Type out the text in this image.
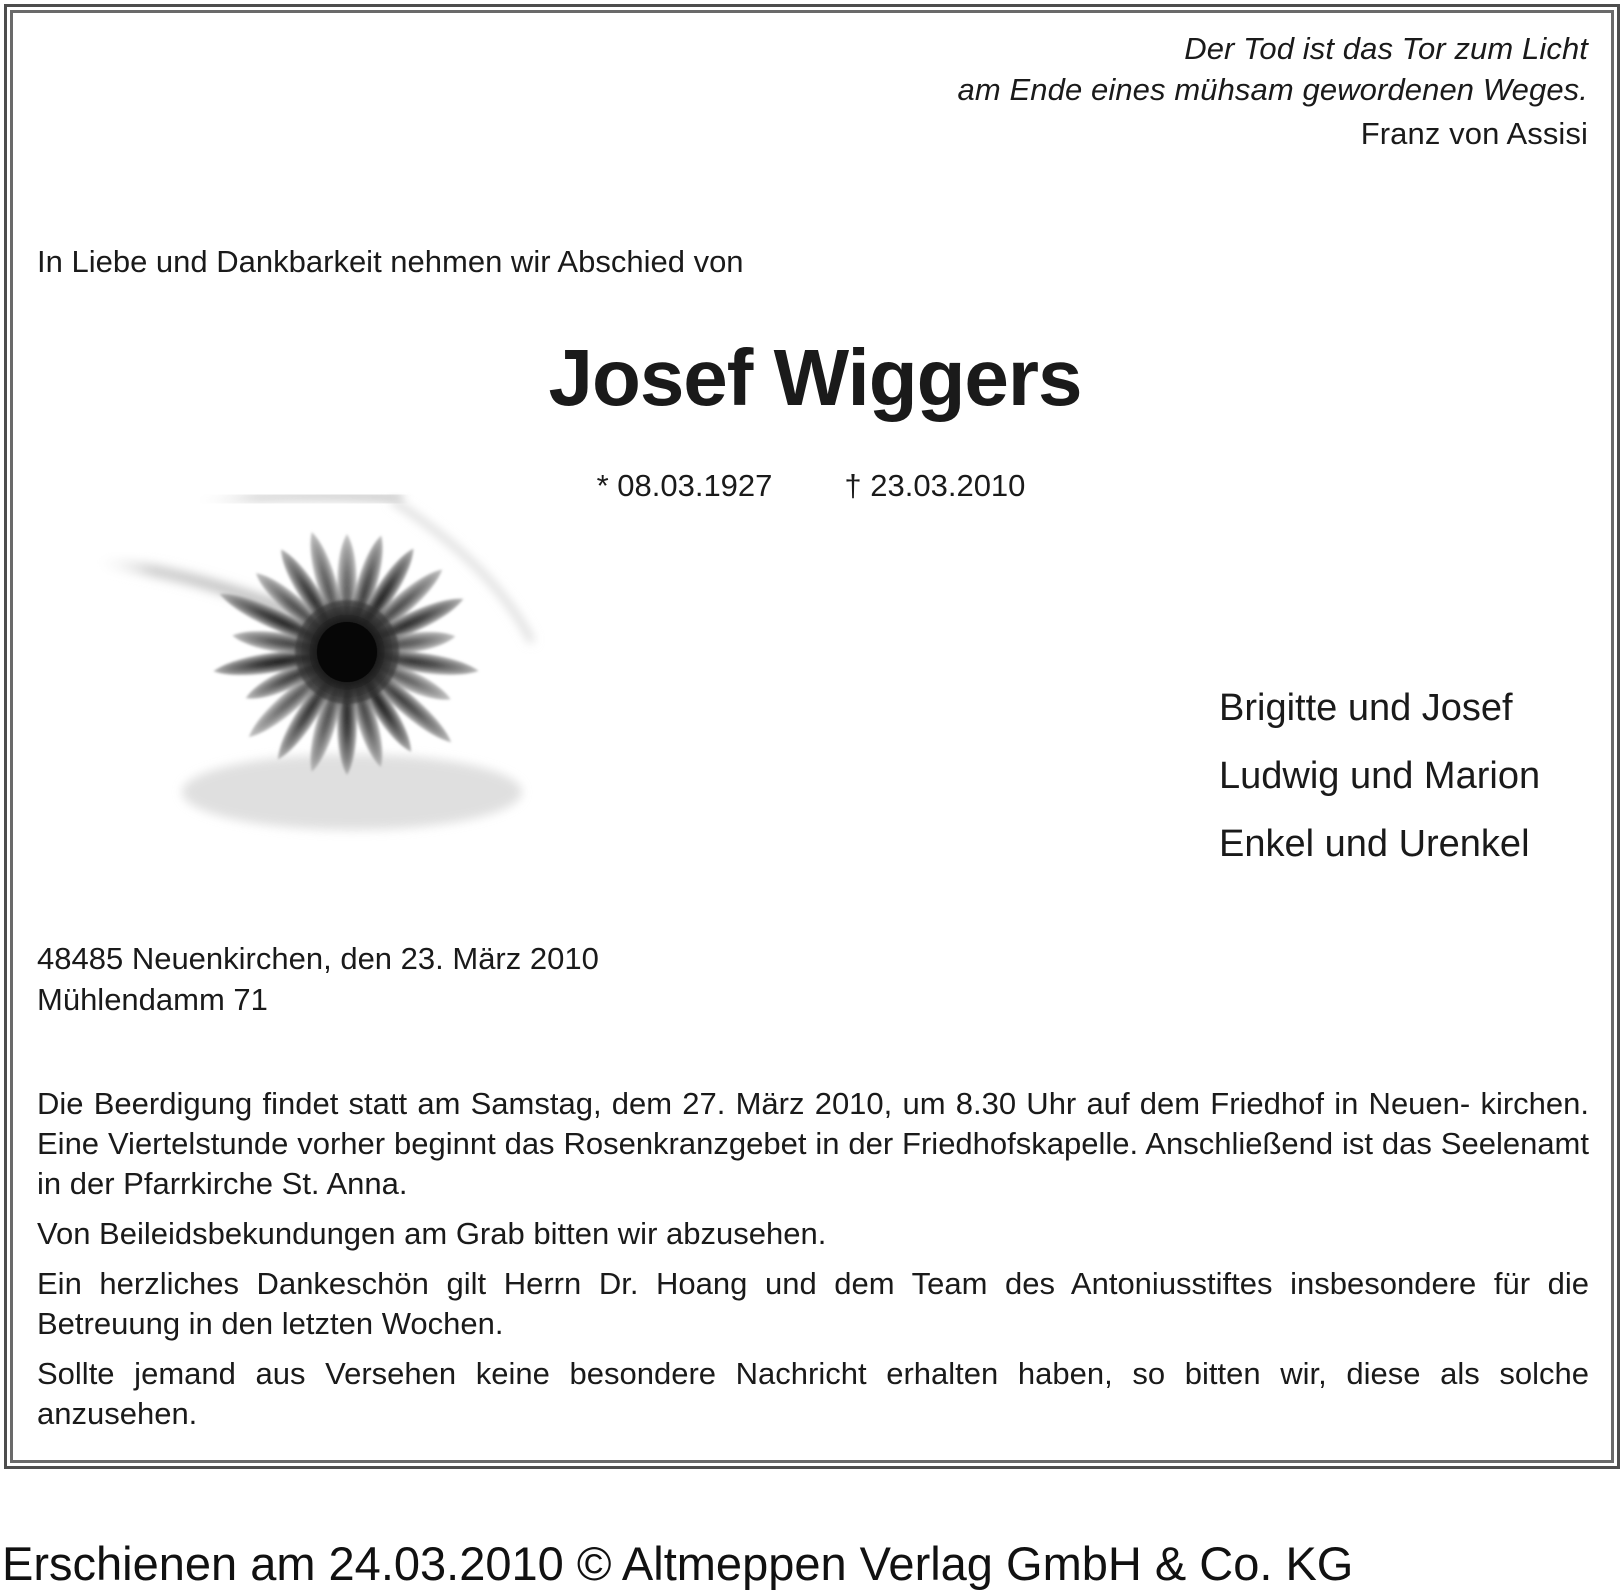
Der Tod ist das Tor zum Licht
am Ende eines mühsam gewordenen Weges.
Franz von Assisi
In Liebe und Dankbarkeit nehmen wir Abschied von
Josef Wiggers
* 08.03.1927 † 23.03.2010
Brigitte und Josef
Ludwig und Marion
Enkel und Urenkel
48485 Neuenkirchen, den 23. März 2010
Mühlendamm 71

Die Beerdigung findet statt am Samstag, dem 27. März 2010, um 8.30 Uhr auf dem Friedhof in Neuen- kirchen. Eine Viertelstunde vorher beginnt das Rosenkranzgebet in der Friedhofskapelle. Anschließend ist das Seelenamt in der Pfarrkirche St. Anna.

Von Beileidsbekundungen am Grab bitten wir abzusehen.

Ein herzliches Dankeschön gilt Herrn Dr. Hoang und dem Team des Antoniusstiftes insbesondere für die Betreuung in den letzten Wochen.

Sollte jemand aus Versehen keine besondere Nachricht erhalten haben, so bitten wir, diese als solche anzusehen.

Erschienen am 24.03.2010 © Altmeppen Verlag GmbH & Co. KG
